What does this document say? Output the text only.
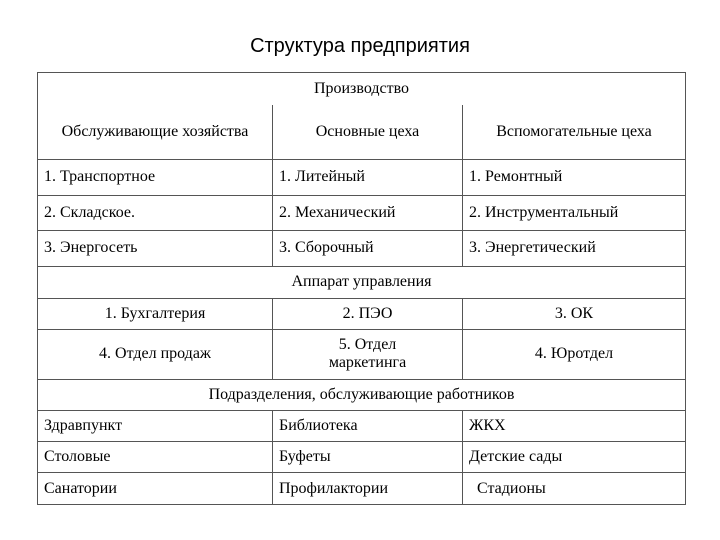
Структура предприятия
Производство		
Обслуживающие хозяйства	Основные цеха	Вспомогательные цеха
1. Транспортное	1. Литейный	1. Ремонтный
2. Складское.	2. Механический	2. Инструментальный
3. Энергосеть	3. Сборочный	3. Энергетический
Аппарат управления		
1. Бухгалтерия	2. ПЭО	3. ОК
4. Отдел продаж	5. Отдел маркетинга	4. Юротдел
Подразделения, обслуживающие работников		
Здравпункт	Библиотека	ЖКХ
Столовые	Буфеты	Детские сады
Санатории	Профилактории	Стадионы
